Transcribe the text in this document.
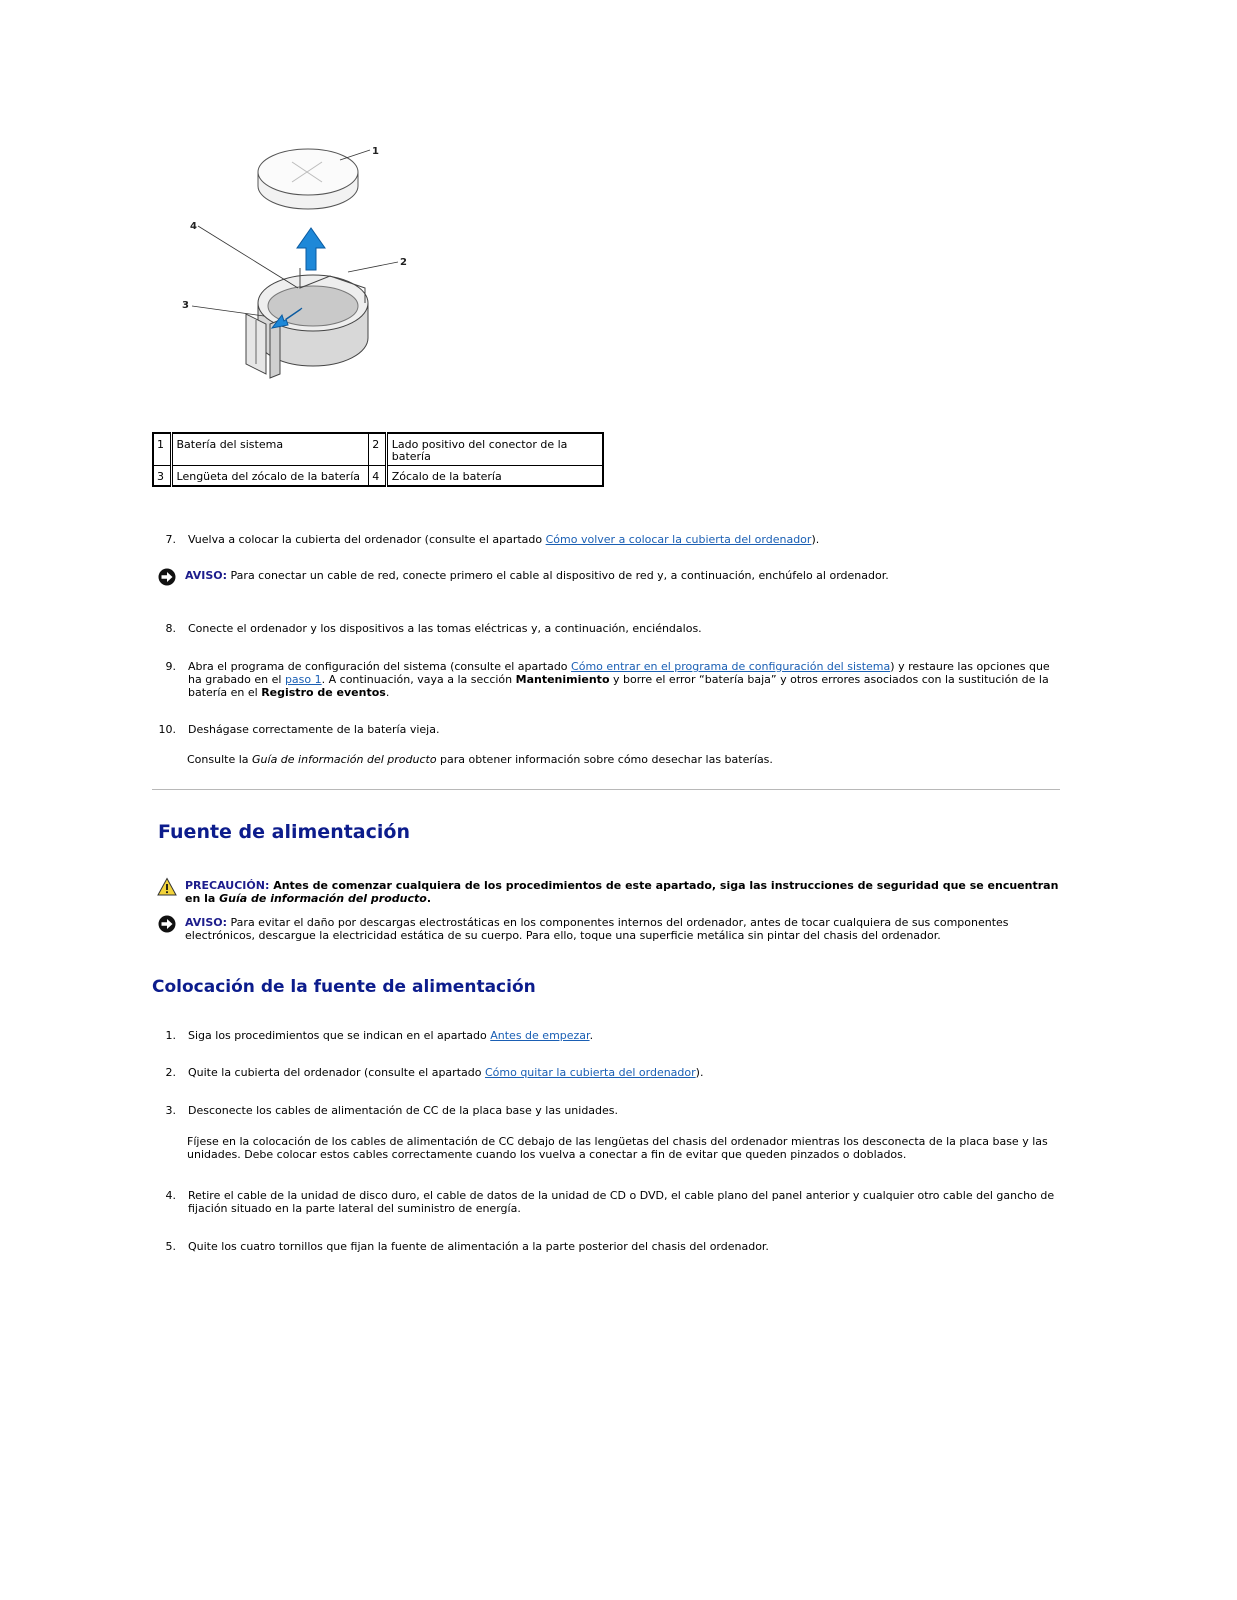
1
2
4
3
1	Batería del sistema	2	Lado positivo del conector de la batería
3	Lengüeta del zócalo de la batería	4	Zócalo de la batería
7. Vuelva a colocar la cubierta del ordenador (consulte el apartado Cómo volver a colocar la cubierta del ordenador).
AVISO: Para conectar un cable de red, conecte primero el cable al dispositivo de red y, a continuación, enchúfelo al ordenador.
8. Conecte el ordenador y los dispositivos a las tomas eléctricas y, a continuación, enciéndalos.
9. Abra el programa de configuración del sistema (consulte el apartado Cómo entrar en el programa de configuración del sistema) y restaure las opciones que ha grabado en el paso 1. A continuación, vaya a la sección Mantenimiento y borre el error “batería baja” y otros errores asociados con la sustitución de la batería en el Registro de eventos.
10. Deshágase correctamente de la batería vieja.
Consulte la Guía de información del producto para obtener información sobre cómo desechar las baterías.
Fuente de alimentación
PRECAUCIÓN: Antes de comenzar cualquiera de los procedimientos de este apartado, siga las instrucciones de seguridad que se encuentran en la Guía de información del producto.
AVISO: Para evitar el daño por descargas electrostáticas en los componentes internos del ordenador, antes de tocar cualquiera de sus componentes electrónicos, descargue la electricidad estática de su cuerpo. Para ello, toque una superficie metálica sin pintar del chasis del ordenador.
Colocación de la fuente de alimentación
1. Siga los procedimientos que se indican en el apartado Antes de empezar.
2. Quite la cubierta del ordenador (consulte el apartado Cómo quitar la cubierta del ordenador).
3. Desconecte los cables de alimentación de CC de la placa base y las unidades.
Fíjese en la colocación de los cables de alimentación de CC debajo de las lengüetas del chasis del ordenador mientras los desconecta de la placa base y las unidades. Debe colocar estos cables correctamente cuando los vuelva a conectar a fin de evitar que queden pinzados o doblados.
4. Retire el cable de la unidad de disco duro, el cable de datos de la unidad de CD o DVD, el cable plano del panel anterior y cualquier otro cable del gancho de fijación situado en la parte lateral del suministro de energía.
5. Quite los cuatro tornillos que fijan la fuente de alimentación a la parte posterior del chasis del ordenador.
